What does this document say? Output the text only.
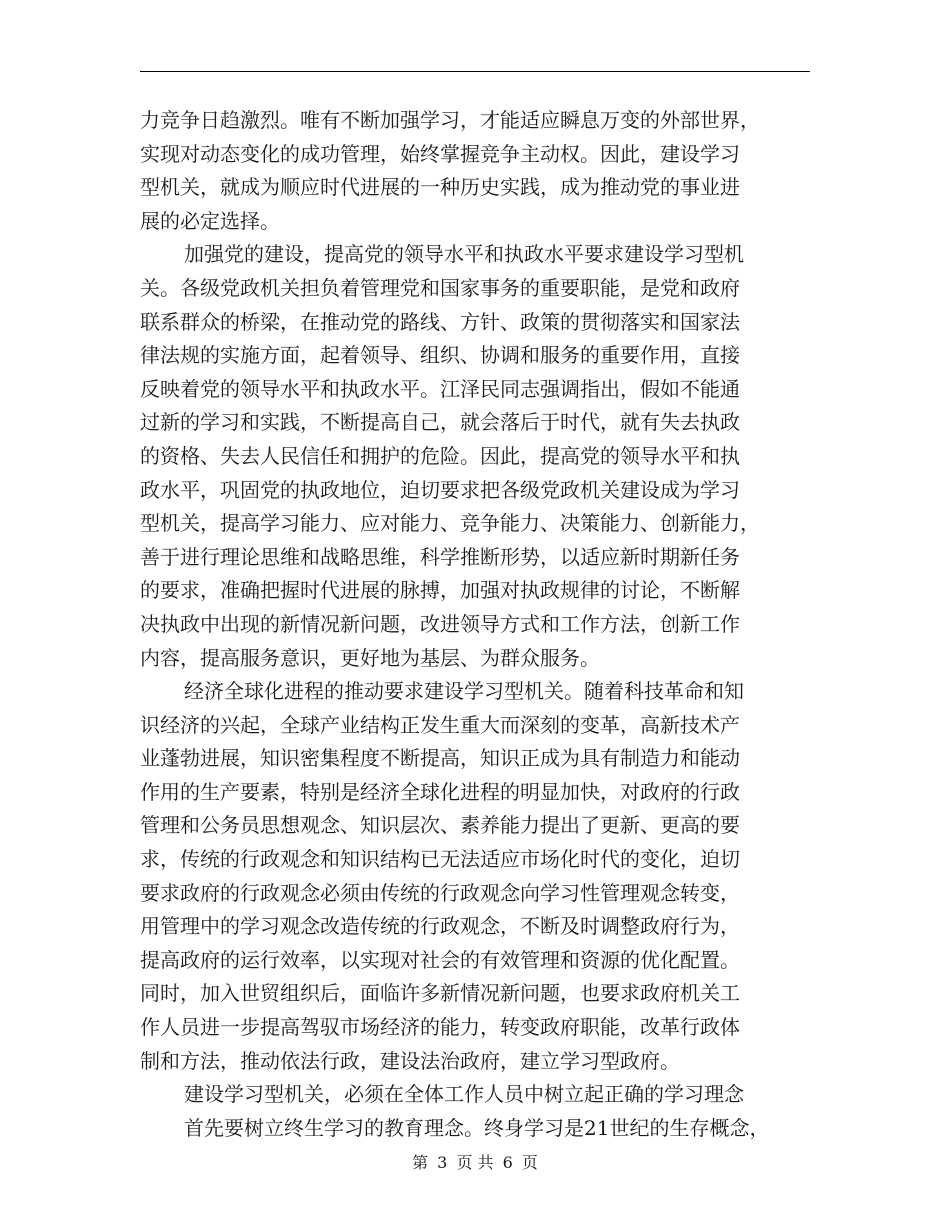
力竞争日趋激烈。唯有不断加强学习，才能适应瞬息万变的外部世界，
实现对动态变化的成功管理，始终掌握竞争主动权。因此，建设学习
型机关，就成为顺应时代进展的一种历史实践，成为推动党的事业进
展的必定选择。
加强党的建设，提高党的领导水平和执政水平要求建设学习型机
关。各级党政机关担负着管理党和国家事务的重要职能，是党和政府
联系群众的桥梁，在推动党的路线、方针、政策的贯彻落实和国家法
律法规的实施方面，起着领导、组织、协调和服务的重要作用，直接
反映着党的领导水平和执政水平。江泽民同志强调指出，假如不能通
过新的学习和实践，不断提高自己，就会落后于时代，就有失去执政
的资格、失去人民信任和拥护的危险。因此，提高党的领导水平和执
政水平，巩固党的执政地位，迫切要求把各级党政机关建设成为学习
型机关，提高学习能力、应对能力、竞争能力、决策能力、创新能力，
善于进行理论思维和战略思维，科学推断形势，以适应新时期新任务
的要求，准确把握时代进展的脉搏，加强对执政规律的讨论，不断解
决执政中出现的新情况新问题，改进领导方式和工作方法，创新工作
内容，提高服务意识，更好地为基层、为群众服务。
经济全球化进程的推动要求建设学习型机关。随着科技革命和知
识经济的兴起，全球产业结构正发生重大而深刻的变革，高新技术产
业蓬勃进展，知识密集程度不断提高，知识正成为具有制造力和能动
作用的生产要素，特别是经济全球化进程的明显加快，对政府的行政
管理和公务员思想观念、知识层次、素养能力提出了更新、更高的要
求，传统的行政观念和知识结构已无法适应市场化时代的变化，迫切
要求政府的行政观念必须由传统的行政观念向学习性管理观念转变，
用管理中的学习观念改造传统的行政观念，不断及时调整政府行为，
提高政府的运行效率，以实现对社会的有效管理和资源的优化配置。
同时，加入世贸组织后，面临许多新情况新问题，也要求政府机关工
作人员进一步提高驾驭市场经济的能力，转变政府职能，改革行政体
制和方法，推动依法行政，建设法治政府，建立学习型政府。
建设学习型机关，必须在全体工作人员中树立起正确的学习理念
首先要树立终生学习的教育理念。终身学习是21世纪的生存概念，
第 3 页 共 6 页
